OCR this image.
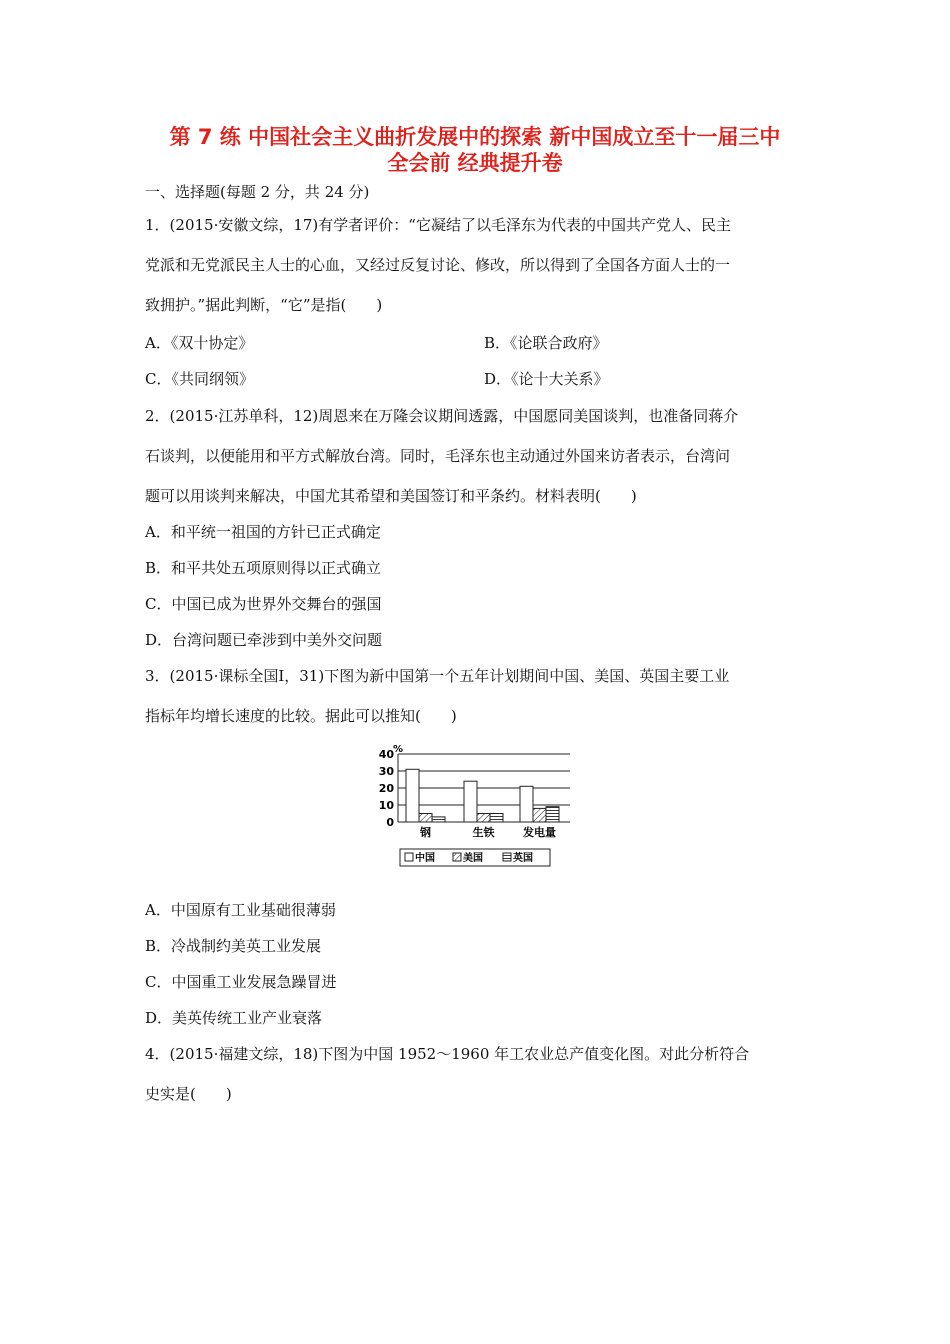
第 7 练 中国社会主义曲折发展中的探索 新中国成立至十一届三中
全会前 经典提升卷
一、选择题(每题 2 分，共 24 分)
1．(2015·安徽文综，17)有学者评价：“它凝结了以毛泽东为代表的中国共产党人、民主
党派和无党派民主人士的心血，又经过反复讨论、修改，所以得到了全国各方面人士的一
致拥护。”据此判断，“它”是指(　　)
A．《双十协定》	B．《论联合政府》
C．《共同纲领》	D．《论十大关系》
2．(2015·江苏单科，12)周恩来在万隆会议期间透露，中国愿同美国谈判，也准备同蒋介
石谈判，以便能用和平方式解放台湾。同时，毛泽东也主动通过外国来访者表示，台湾问
题可以用谈判来解决，中国尤其希望和美国签订和平条约。材料表明(　　)
A．和平统一祖国的方针已正式确定
B．和平共处五项原则得以正式确立
C．中国已成为世界外交舞台的强国
D．台湾问题已牵涉到中美外交问题
3．(2015·课标全国Ⅰ，31)下图为新中国第一个五年计划期间中国、美国、英国主要工业
指标年均增长速度的比较。据此可以推知(　　)
0
10
20
30
40 %
钢	生铁	发电量
中国	美国	英国
A．中国原有工业基础很薄弱
B．冷战制约美英工业发展
C．中国重工业发展急躁冒进
D．美英传统工业产业衰落
4．(2015·福建文综，18)下图为中国 1952～1960 年工农业总产值变化图。对此分析符合
史实是(　　)
